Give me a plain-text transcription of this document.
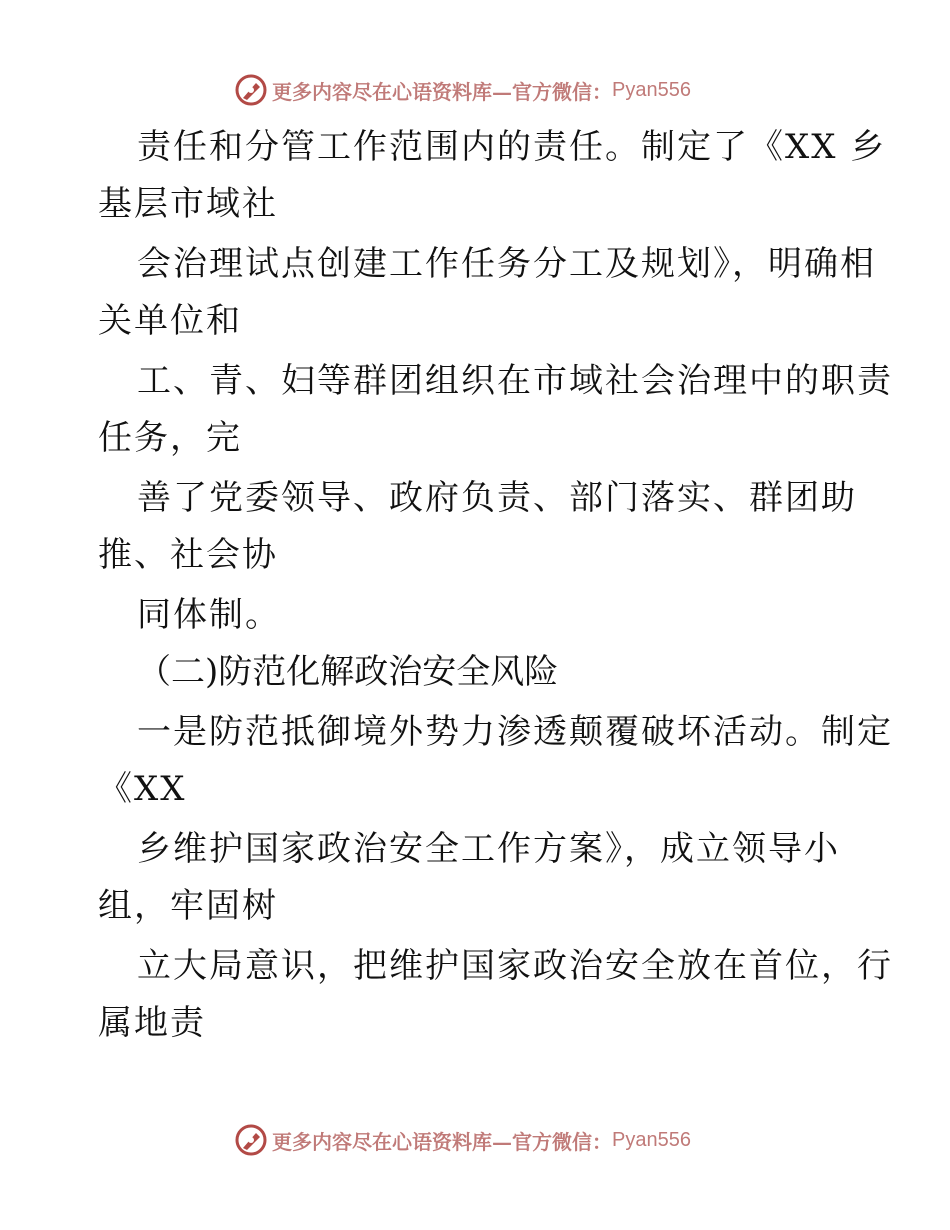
更多内容尽在心语资料库—官方微信： Pyan556
责任和分管工作范围内的责任。制定了《XX 乡
基层市域社
会治理试点创建工作任务分工及规划》，明确相
关单位和
工、青、妇等群团组织在市域社会治理中的职责
任务，完
善了党委领导、政府负责、部门落实、群团助
推、社会协
同体制。
（二)防范化解政治安全风险
一是防范抵御境外势力渗透颠覆破坏活动。制定
《XX
乡维护国家政治安全工作方案》，成立领导小
组，牢固树
立大局意识，把维护国家政治安全放在首位，行
属地责
更多内容尽在心语资料库—官方微信： Pyan556
